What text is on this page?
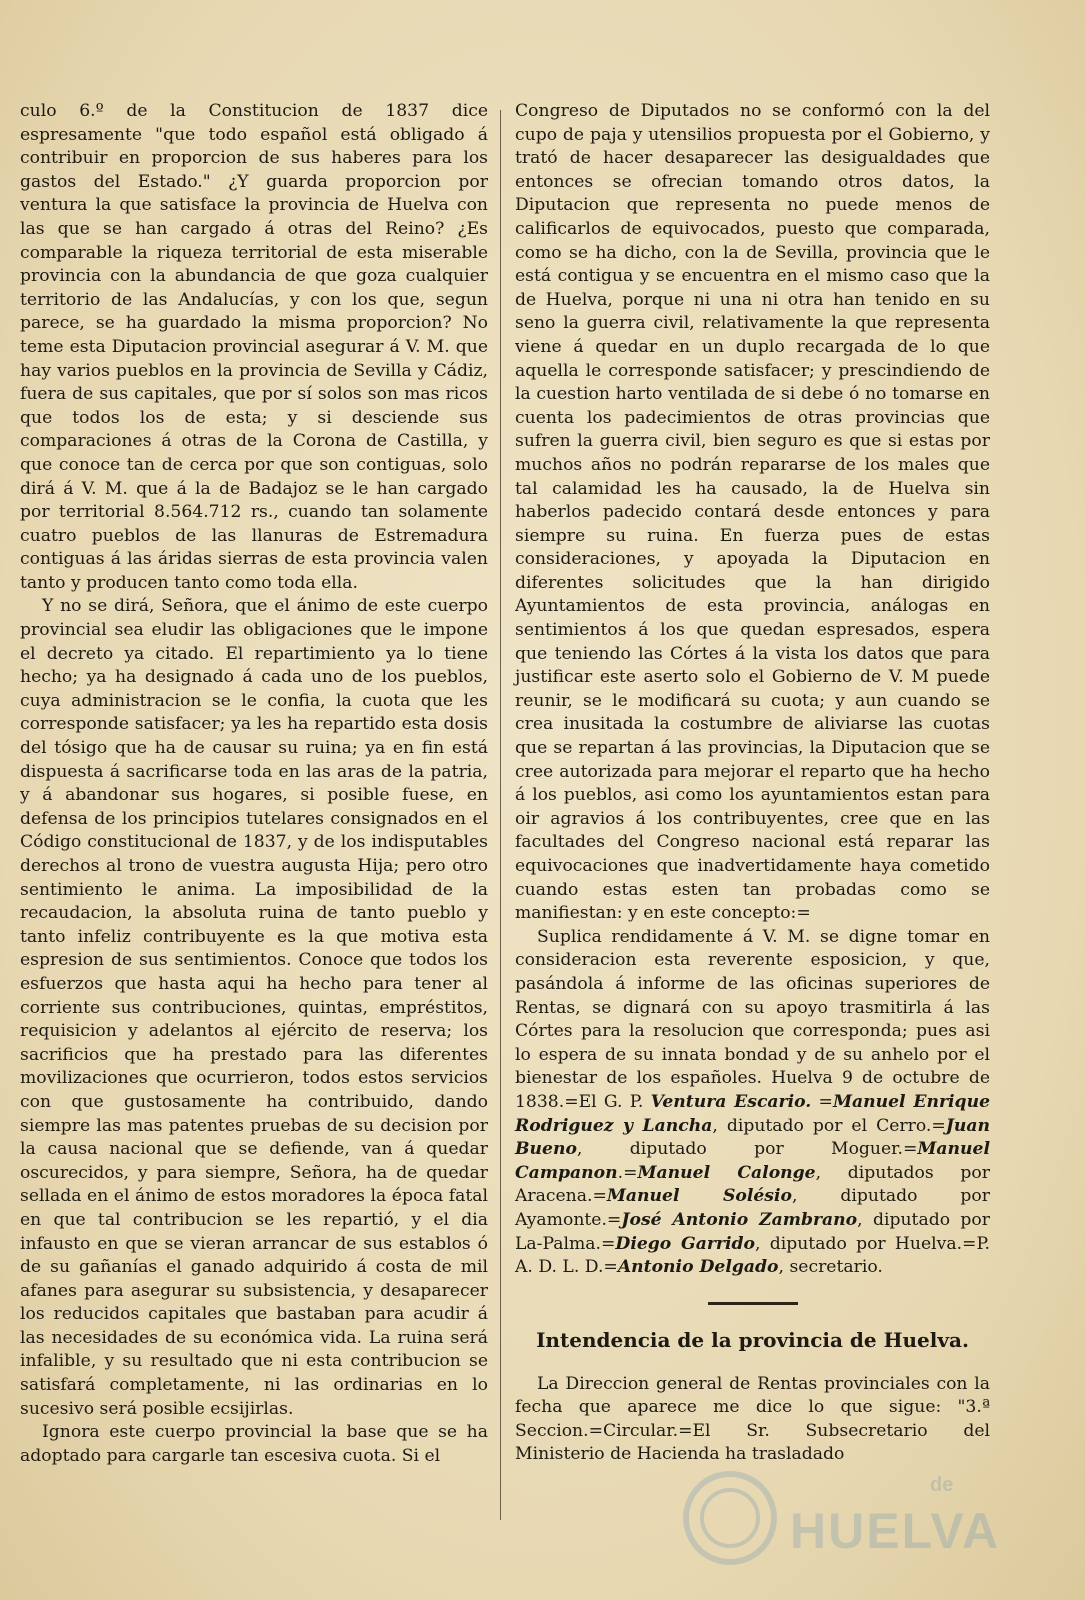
culo 6.º de la Constitucion de 1837 dice espresamente "que todo español está obligado á contribuir en proporcion de sus haberes para los gastos del Estado." ¿Y guarda proporcion por ventura la que satisface la provincia de Huelva con las que se han cargado á otras del Reino? ¿Es comparable la riqueza territorial de esta miserable provincia con la abundancia de que goza cualquier territorio de las Andalucías, y con los que, segun parece, se ha guardado la misma proporcion? No teme esta Diputacion provincial asegurar á V. M. que hay varios pueblos en la provincia de Sevilla y Cádiz, fuera de sus capitales, que por sí solos son mas ricos que todos los de esta; y si desciende sus comparaciones á otras de la Corona de Castilla, y que conoce tan de cerca por que son contiguas, solo dirá á V. M. que á la de Badajoz se le han cargado por territorial 8.564.712 rs., cuando tan solamente cuatro pueblos de las llanuras de Estremadura contiguas á las áridas sierras de esta provincia valen tanto y producen tanto como toda ella.

Y no se dirá, Señora, que el ánimo de este cuerpo provincial sea eludir las obligaciones que le impone el decreto ya citado. El repartimiento ya lo tiene hecho; ya ha designado á cada uno de los pueblos, cuya administracion se le confia, la cuota que les corresponde satisfacer; ya les ha repartido esta dosis del tósigo que ha de causar su ruina; ya en fin está dispuesta á sacrificarse toda en las aras de la patria, y á abandonar sus hogares, si posible fuese, en defensa de los principios tutelares consignados en el Código constitucional de 1837, y de los indisputables derechos al trono de vuestra augusta Hija; pero otro sentimiento le anima. La imposibilidad de la recaudacion, la absoluta ruina de tanto pueblo y tanto infeliz contribuyente es la que motiva esta espresion de sus sentimientos. Conoce que todos los esfuerzos que hasta aqui ha hecho para tener al corriente sus contribuciones, quintas, empréstitos, requisicion y adelantos al ejército de reserva; los sacrificios que ha prestado para las diferentes movilizaciones que ocurrieron, todos estos servicios con que gustosamente ha contribuido, dando siempre las mas patentes pruebas de su decision por la causa nacional que se defiende, van á quedar oscurecidos, y para siempre, Señora, ha de quedar sellada en el ánimo de estos moradores la época fatal en que tal contribucion se les repartió, y el dia infausto en que se vieran arrancar de sus establos ó de su gañanías el ganado adquirido á costa de mil afanes para asegurar su subsistencia, y desaparecer los reducidos capitales que bastaban para acudir á las necesidades de su económica vida. La ruina será infalible, y su resultado que ni esta contribucion se satisfará completamente, ni las ordinarias en lo sucesivo será posible ecsijirlas.

Ignora este cuerpo provincial la base que se ha adoptado para cargarle tan escesiva cuota. Si el

Congreso de Diputados no se conformó con la del cupo de paja y utensilios propuesta por el Gobierno, y trató de hacer desaparecer las desigualdades que entonces se ofrecian tomando otros datos, la Diputacion que representa no puede menos de calificarlos de equivocados, puesto que comparada, como se ha dicho, con la de Sevilla, provincia que le está contigua y se encuentra en el mismo caso que la de Huelva, porque ni una ni otra han tenido en su seno la guerra civil, relativamente la que representa viene á quedar en un duplo recargada de lo que aquella le corresponde satisfacer; y prescindiendo de la cuestion harto ventilada de si debe ó no tomarse en cuenta los padecimientos de otras provincias que sufren la guerra civil, bien seguro es que si estas por muchos años no podrán repararse de los males que tal calamidad les ha causado, la de Huelva sin haberlos padecido contará desde entonces y para siempre su ruina. En fuerza pues de estas consideraciones, y apoyada la Diputacion en diferentes solicitudes que la han dirigido Ayuntamientos de esta provincia, análogas en sentimientos á los que quedan espresados, espera que teniendo las Córtes á la vista los datos que para justificar este aserto solo el Gobierno de V. M puede reunir, se le modificará su cuota; y aun cuando se crea inusitada la costumbre de aliviarse las cuotas que se repartan á las provincias, la Diputacion que se cree autorizada para mejorar el reparto que ha hecho á los pueblos, asi como los ayuntamientos estan para oir agravios á los contribuyentes, cree que en las facultades del Congreso nacional está reparar las equivocaciones que inadvertidamente haya cometido cuando estas esten tan probadas como se manifiestan: y en este concepto:=

Suplica rendidamente á V. M. se digne tomar en consideracion esta reverente esposicion, y que, pasándola á informe de las oficinas superiores de Rentas, se dignará con su apoyo trasmitirla á las Córtes para la resolucion que corresponda; pues asi lo espera de su innata bondad y de su anhelo por el bienestar de los españoles. Huelva 9 de octubre de 1838.=El G. P. Ventura Escario. =Manuel Enrique Rodriguez y Lancha, diputado por el Cerro.=Juan Bueno, diputado por Moguer.=Manuel Campanon.=Manuel Calonge, diputados por Aracena.=Manuel Solésio, diputado por Ayamonte.=José Antonio Zambrano, diputado por La-Palma.=Diego Garrido, diputado por Huelva.=P. A. D. L. D.=Antonio Delgado, secretario.

Intendencia de la provincia de Huelva.

La Direccion general de Rentas provinciales con la fecha que aparece me dice lo que sigue: "3.ª Seccion.=Circular.=El Sr. Subsecretario del Ministerio de Hacienda ha trasladado

de
HUELVA
